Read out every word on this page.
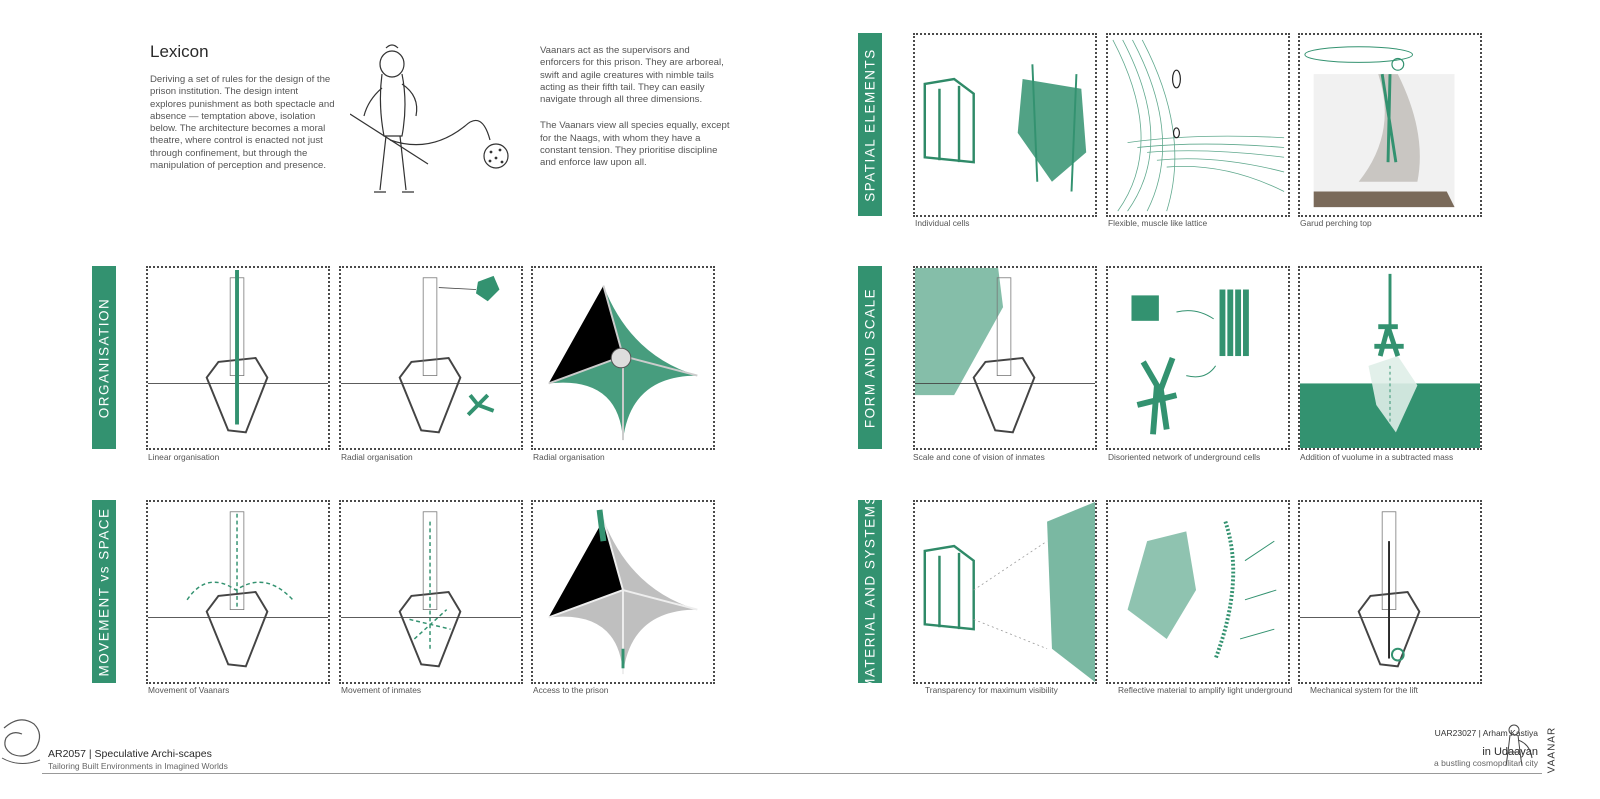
Lexicon
Deriving a set of rules for the design of the prison institution. The design intent explores punishment as both spectacle and absence — temptation above, isolation below. The architecture becomes a moral theatre, where control is enacted not just through confinement, but through the manipulation of perception and presence.

Vaanars act as the supervisors and enforcers for this prison. They are arboreal, swift and agile creatures with nimble tails acting as their fifth tail. They can easily navigate through all three dimensions.

The Vaanars view all species equally, except for the Naags, with whom they have a constant tension. They prioritise discipline and enforce law upon all.	SPATIAL ELEMENTS
ORGANISATION	FORM AND SCALE
MOVEMENT vs SPACE	MATERIAL AND SYSTEMS
Individual cells	Flexible, muscle like lattice	Garud perching top
Linear organisation	Radial organisation	Radial organisation	Scale and cone of vision of inmates	Disoriented network of underground cells	Addition of vuolume in a subtracted mass
Movement of Vaanars	Movement of inmates	Access to the prison	Transparency for maximum visibility	Reflective material to amplify light underground Mechanical system for the lift
AR2057 | Speculative Archi-scapes
Tailoring Built Environments in Imagined Worlds
UAR23027 | Arham Kastiya
in Udaayan
a bustling cosmopolitan city VAANAR
